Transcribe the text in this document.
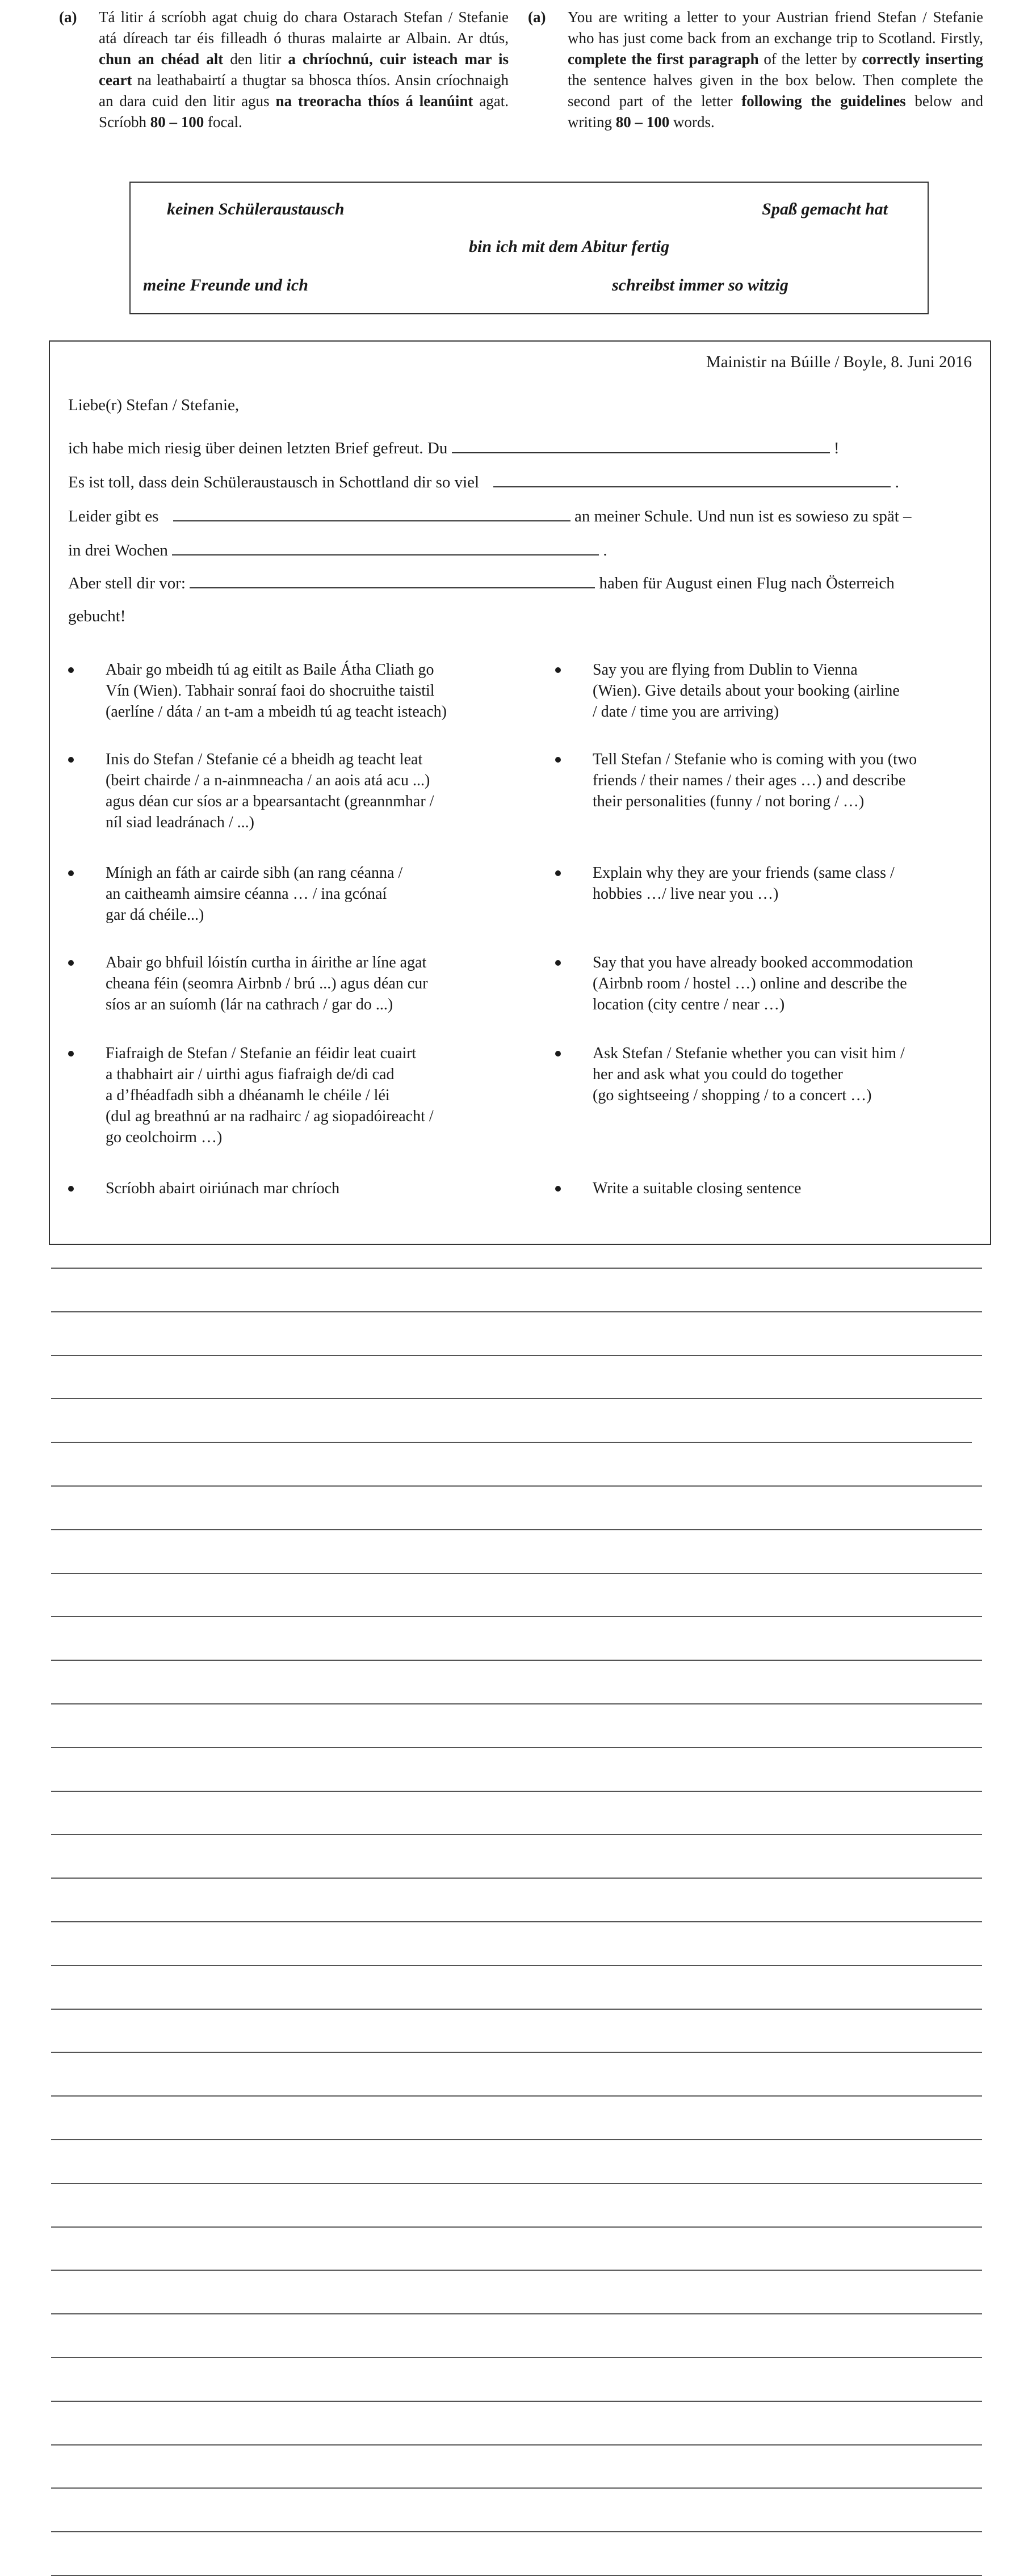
(a) Tá litir á scríobh agat chuig do chara Ostarach Stefan / Stefanie atá díreach tar éis filleadh ó thuras malairte ar Albain. Ar dtús, chun an chéad alt den litir a chríochnú, cuir isteach mar is ceart na leathabairtí a thugtar sa bhosca thíos. Ansin críochnaigh an dara cuid den litir agus na treoracha thíos á leanúint agat. Scríobh 80 – 100 focal.
(a) You are writing a letter to your Austrian friend Stefan / Stefanie who has just come back from an exchange trip to Scotland. Firstly, complete the first paragraph of the letter by correctly inserting the sentence halves given in the box below. Then complete the second part of the letter following the guidelines below and writing 80 – 100 words.
keinen Schüleraustausch	Spaß gemacht hat
bin ich mit dem Abitur fertig
meine Freunde und ich	schreibst immer so witzig
Mainistir na Búille / Boyle, 8. Juni 2016
Liebe(r) Stefan / Stefanie,
ich habe mich riesig über deinen letzten Brief gefreut. Du	!
Es ist toll, dass dein Schüleraustausch in Schottland dir so viel	.
Leider gibt es	an meiner Schule. Und nun ist es sowieso zu spät –
in drei Wochen	.
Aber stell dir vor:	haben für August einen Flug nach Österreich
gebucht!
Abair go mbeidh tú ag eitilt as Baile Átha Cliath go
Vín (Wien). Tabhair sonraí faoi do shocruithe taistil
(aerlíne / dáta / an t-am a mbeidh tú ag teacht isteach)
Inis do Stefan / Stefanie cé a bheidh ag teacht leat
(beirt chairde / a n-ainmneacha / an aois atá acu ...)
agus déan cur síos ar a bpearsantacht (greannmhar /
níl siad leadránach / ...)
Mínigh an fáth ar cairde sibh (an rang céanna /
an caitheamh aimsire céanna … / ina gcónaí
gar dá chéile...)
Abair go bhfuil lóistín curtha in áirithe ar líne agat
cheana féin (seomra Airbnb / brú ...) agus déan cur
síos ar an suíomh (lár na cathrach / gar do ...)
Fiafraigh de Stefan / Stefanie an féidir leat cuairt
a thabhairt air / uirthi agus fiafraigh de/di cad
a d’fhéadfadh sibh a dhéanamh le chéile / léi
(dul ag breathnú ar na radhairc / ag siopadóireacht /
go ceolchoirm …)
Scríobh abairt oiriúnach mar chríoch
Say you are flying from Dublin to Vienna
(Wien). Give details about your booking (airline
/ date / time you are arriving)
Tell Stefan / Stefanie who is coming with you (two
friends / their names / their ages …) and describe
their personalities (funny / not boring / …)
Explain why they are your friends (same class /
hobbies …/ live near you …)
Say that you have already booked accommodation
(Airbnb room / hostel …) online and describe the
location (city centre / near …)
Ask Stefan / Stefanie whether you can visit him /
her and ask what you could do together
(go sightseeing / shopping / to a concert …)
Write a suitable closing sentence
